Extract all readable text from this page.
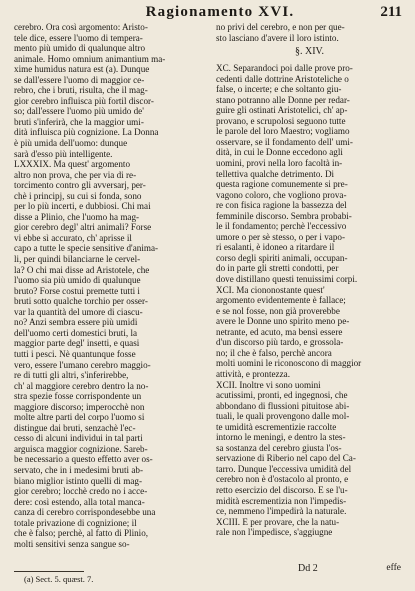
Ragionamento XVI.	211
cerebro. Ora così argomento: Aristo-
tele dice, essere l'uomo di tempera-
mento più umido di qualunque altro
animale. Homo omnium animantium ma-
xime humidus natura est (a). Dunque
se dall'essere l'uomo di maggior ce-
rebro, che i bruti, risulta, che il mag-
gior cerebro influisca più fortil discor-
so; dall'essere l'uomo più umido de'
bruti s'inferirà, che la maggior umi-
dità influisca più cognizione. La Donna
è più umida dell'uomo: dunque
sarà d'esso più intelligente.
LXXXIX. Ma quest' argomento
altro non prova, che per via di re-
torcimento contro gli avversarj, per-
chè i principj, su cui si fonda, sono
per lo più incerti, e dubbiosi. Chi mai
disse a Plinio, che l'uomo ha mag-
gior cerebro degl' altri animali? Forse
vi ebbe sì accurato, ch' aprisse il
capo a tutte le specie sensitive d'anima-
li, per quindi bilanciarne le cervel-
la? O chi mai disse ad Aristotele, che
l'uomo sia più umido di qualunque
bruto? Forse costui premette tutti i
bruti sotto qualche torchio per osser-
var la quantità del umore di ciascu-
no? Anzi sembra essere più umidi
dell'uomo certi domestici bruti, la
maggior parte degl' insetti, e quasi
tutti i pesci. Nè quantunque fosse
vero, essere l'umano cerebro maggio-
re di tutti gli altri, s'inferirebbe,
ch' al maggiore cerebro dentro la no-
stra spezie fosse corrispondente un
maggiore discorso; imperocchè non
molte altre parti del corpo l'uomo si
distingue dai bruti, senzachè l'ec-
cesso di alcuni individui in tal parti
arguisca maggior cognizione. Sareb-
be necessario a questo effetto aver os-
servato, che in i medesimi bruti ab-
biano miglior istinto quelli di mag-
gior cerebro; locchè credo no i acce-
dere: così estendo, alla total manca-
canza di cerebro corrispondesebbe una
totale privazione di cognizione; il
che è falso; perchè, al fatto di Plinio,
molti sensitivi senza sangue so-
no privi del cerebro, e non per que-
sto lasciano d'avere il loro istinto.
§. XIV.
XC. Separandoci poi dalle prove pro-
cedenti dalle dottrine Aristoteliche o
false, o incerte; e che soltanto giu-
stano potranno alle Donne per redar-
guire gli ostinati Aristotelici, ch' ap-
provano, e scrupolosi seguono tutte
le parole del loro Maestro; vogliamo
osservare, se il fondamento dell' umi-
dità, in cui le Donne eccedono agli
uomini, provi nella loro facoltà in-
tellettiva qualche detrimento. Di
questa ragione comunemente si pre-
vagono coloro, che vogliono prova-
re con fisica ragione la bassezza del
femminile discorso. Sembra probabi-
le il fondamento; perchè l'eccessivo
umore o per sè stesso, o per i vapo-
ri esalanti, è idoneo a ritardare il
corso degli spiriti animali, occupan-
do in parte gli stretti condotti, per
dove distillano questi tenuissimi corpi.
XCI. Ma ciononostante quest'
argomento evidentemente è fallace;
e se nol fosse, non già proverebbe
avere le Donne uno spirito meno pe-
netrante, ed acuto, ma bensì essere
d'un discorso più tardo, e grossola-
no; il che è falso, perchè ancora
molti uomini le riconoscono di maggior
attività, e prontezza.
XCII. Inoltre vi sono uomini
acutissimi, pronti, ed ingegnosi, che
abbondano di flussioni pituitose abi-
tuali, le quali provengono dalle mol-
te umidità escrementizie raccolte
intorno le meningi, e dentro la stes-
sa sostanza del cerebro giusta l'os-
servazione di Riberio nel capo del Ca-
tarro. Dunque l'eccessiva umidità del
cerebro non è d'ostacolo al pronto, e
retto esercizio del discorso. E se l'u-
midità escrementizia non l'impedis-
ce, nemmeno l'impedirà la naturale.
XCIII. E per provare, che la natu-
rale non l'impedisce, s'aggiugne
Dd 2	effe
(a) Sect. 5. quæst. 7.
